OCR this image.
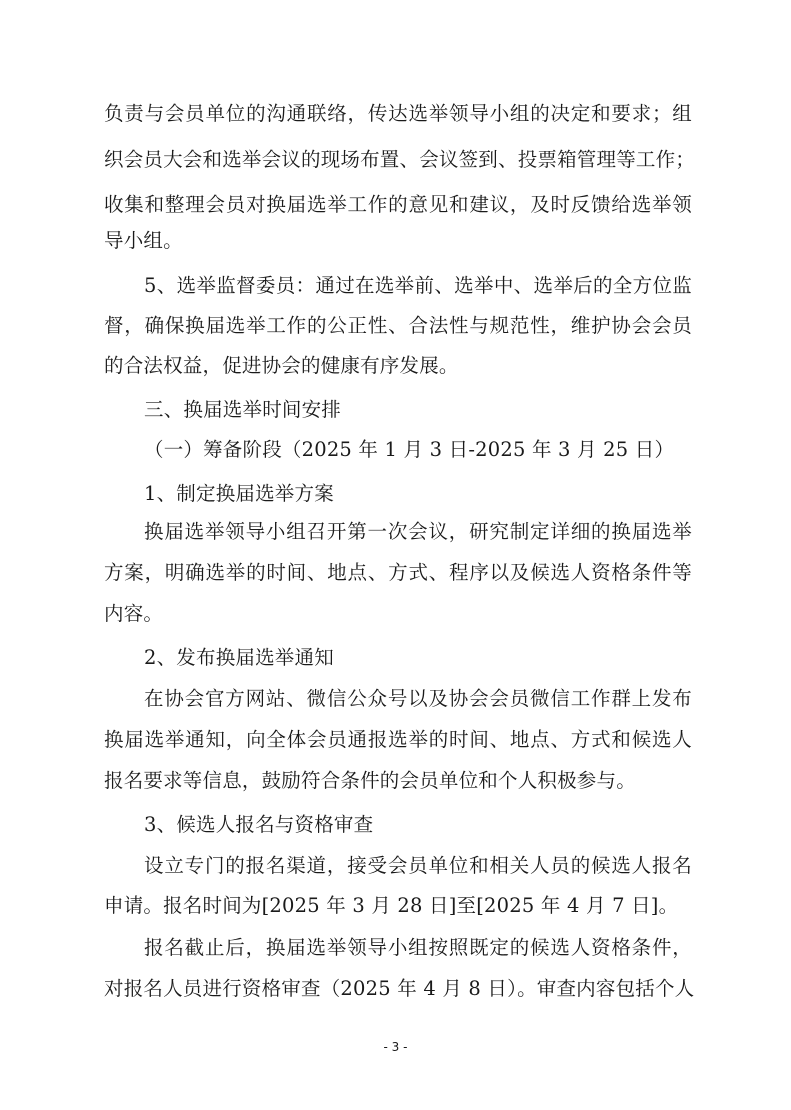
负责与会员单位的沟通联络，传达选举领导小组的决定和要求；组
织会员大会和选举会议的现场布置、会议签到、投票箱管理等工作；
收集和整理会员对换届选举工作的意见和建议，及时反馈给选举领
导小组。
5、选举监督委员：通过在选举前、选举中、选举后的全方位监
督，确保换届选举工作的公正性、合法性与规范性，维护协会会员
的合法权益，促进协会的健康有序发展。
三、换届选举时间安排
（一）筹备阶段（2025 年 1 月 3 日-2025 年 3 月 25 日）
1、制定换届选举方案
换届选举领导小组召开第一次会议，研究制定详细的换届选举
方案，明确选举的时间、地点、方式、程序以及候选人资格条件等
内容。
2、发布换届选举通知
在协会官方网站、微信公众号以及协会会员微信工作群上发布
换届选举通知，向全体会员通报选举的时间、地点、方式和候选人
报名要求等信息，鼓励符合条件的会员单位和个人积极参与。
3、候选人报名与资格审查
设立专门的报名渠道，接受会员单位和相关人员的候选人报名
申请。报名时间为[2025 年 3 月 28 日]至[2025 年 4 月 7 日]。
报名截止后，换届选举领导小组按照既定的候选人资格条件，
对报名人员进行资格审查（2025 年 4 月 8 日）。审查内容包括个人
- 3 -
